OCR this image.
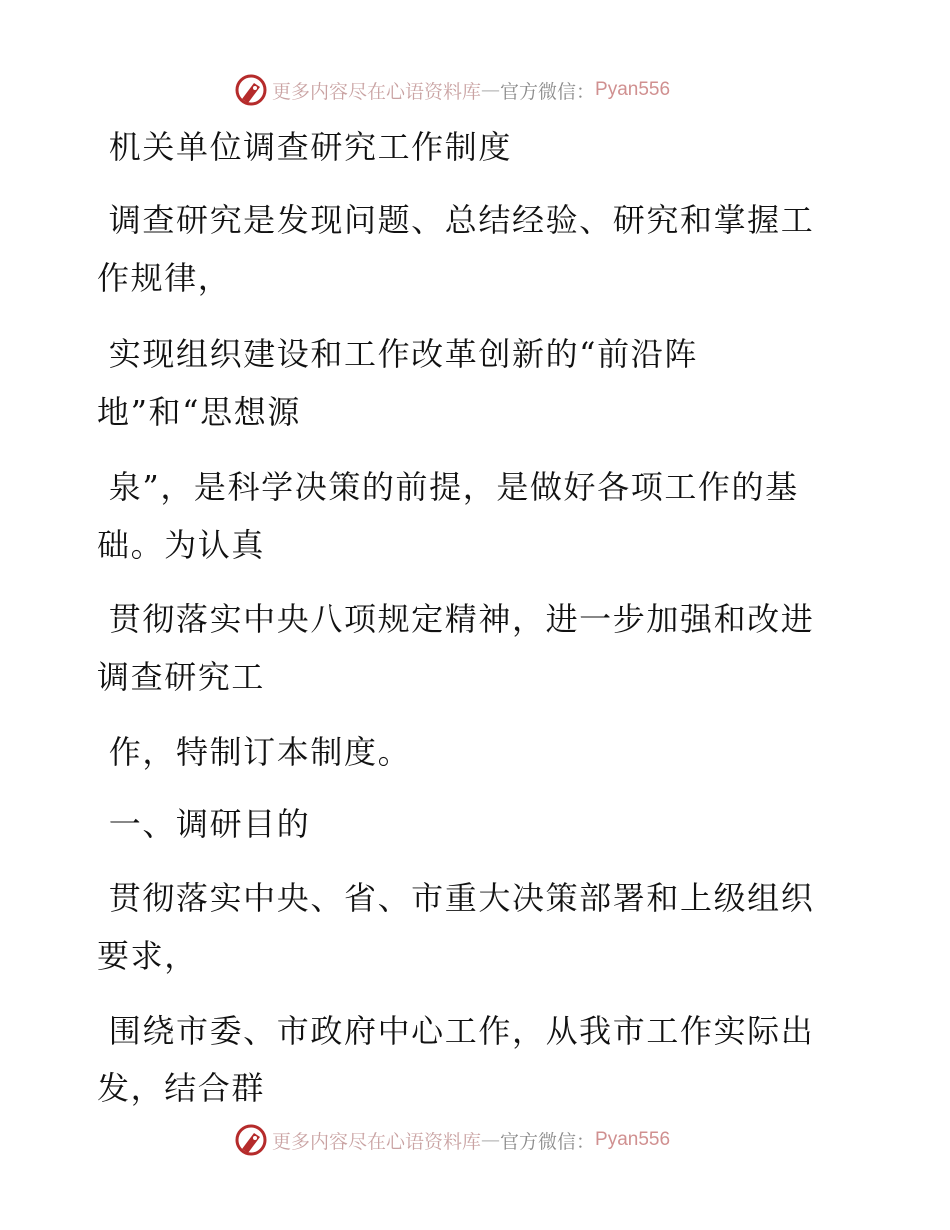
更多内容尽在心语资料库 — 官方微信： Pyan556
机关单位调查研究工作制度
调查研究是发现问题、总结经验、研究和掌握工
作规律，
实现组织建设和工作改革创新的“前沿阵
地”和“思想源
泉”，是科学决策的前提，是做好各项工作的基
础。为认真
贯彻落实中央八项规定精神，进一步加强和改进
调查研究工
作，特制订本制度。
一、调研目的
贯彻落实中央、省、市重大决策部署和上级组织
要求，
围绕市委、市政府中心工作，从我市工作实际出
发，结合群
更多内容尽在心语资料库 — 官方微信： Pyan556
